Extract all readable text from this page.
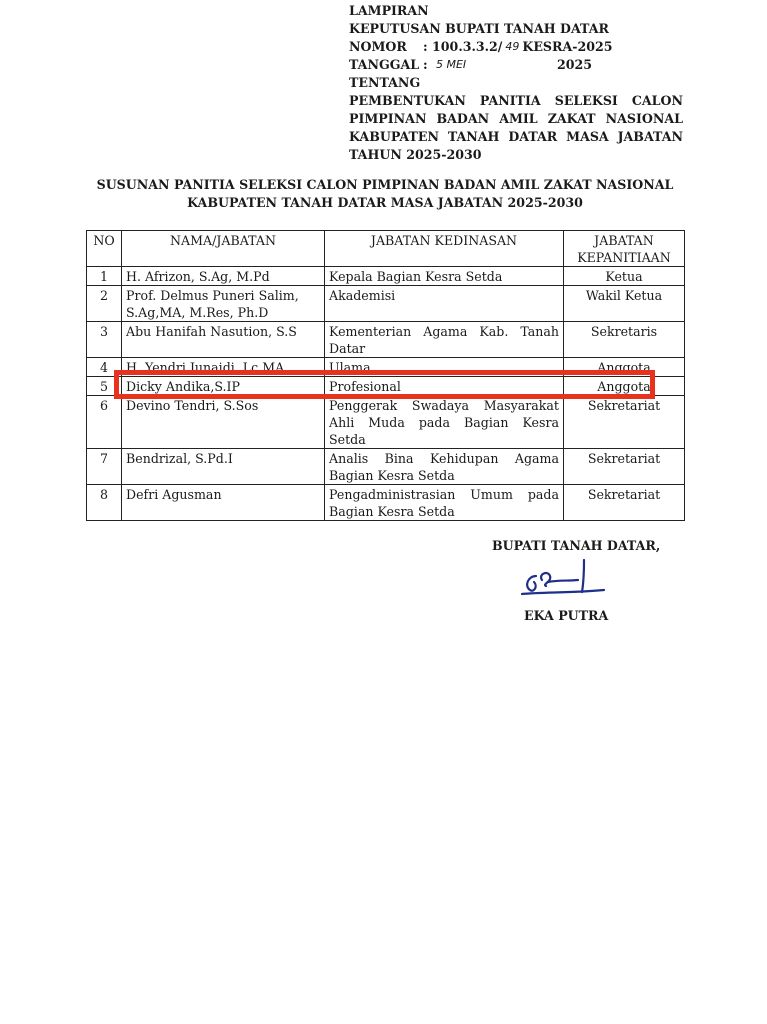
LAMPIRAN
KEPUTUSAN BUPATI TANAH DATAR
NOMOR	: 100.3.3.2/ 49 KESRA-2025
TANGGAL : 5 MEI	2025
TENTANG
PEMBENTUKAN PANITIA SELEKSI CALON
PIMPINAN BADAN AMIL ZAKAT NASIONAL
KABUPATEN TANAH DATAR MASA JABATAN
TAHUN 2025-2030
SUSUNAN PANITIA SELEKSI CALON PIMPINAN BADAN AMIL ZAKAT NASIONAL
KABUPATEN TANAH DATAR MASA JABATAN 2025-2030
NO	NAMA/JABATAN	JABATAN KEDINASAN	JABATAN KEPANITIAAN
1	H. Afrizon, S.Ag, M.Pd	Kepala Bagian Kesra Setda	Ketua
2	Prof. Delmus Puneri Salim, S.Ag,MA, M.Res, Ph.D	Akademisi	Wakil Ketua
3	Abu Hanifah Nasution, S.S	Kementerian Agama Kab. Tanah Datar	Sekretaris
4	H. Yendri Junaidi, Lc.MA	Ulama	Anggota
5	Dicky Andika,S.IP	Profesional	Anggota
6	Devino Tendri, S.Sos	Penggerak Swadaya Masyarakat Ahli Muda pada Bagian Kesra Setda	Sekretariat
7	Bendrizal, S.Pd.I	Analis Bina Kehidupan Agama Bagian Kesra Setda	Sekretariat
8	Defri Agusman	Pengadministrasian Umum pada Bagian Kesra Setda	Sekretariat
BUPATI TANAH DATAR,
EKA PUTRA
